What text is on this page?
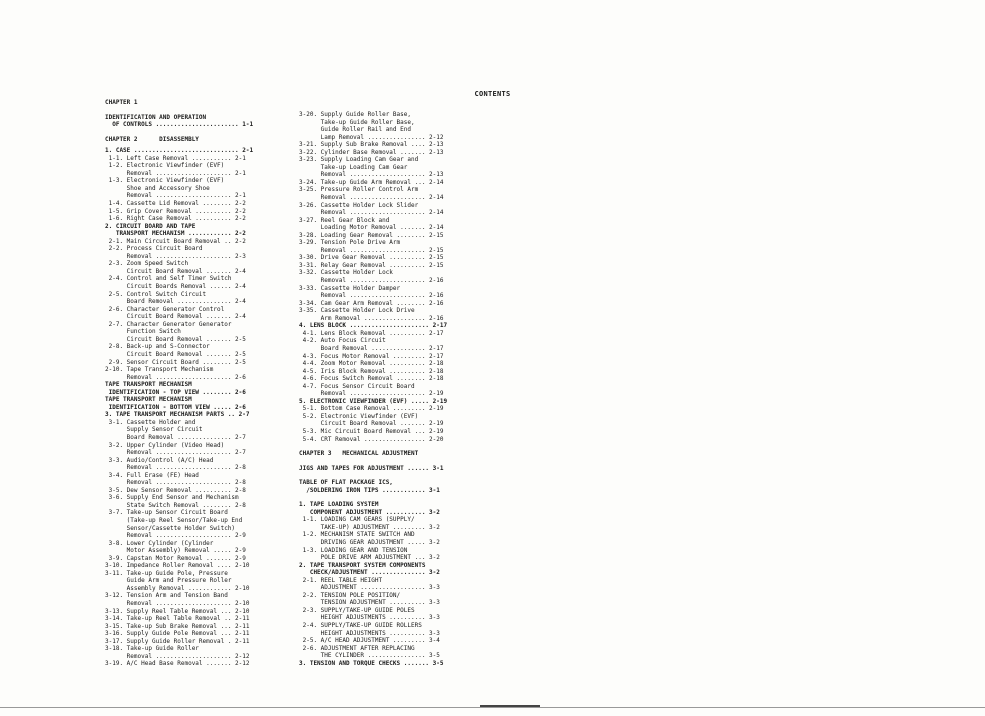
CONTENTS
CHAPTER 1
IDENTIFICATION AND OPERATION
OF CONTROLS ....................... 1-1
CHAPTER 2      DISASSEMBLY
1. CASE ............................. 2-1
1-1. Left Case Removal ........... 2-1
1-2. Electronic Viewfinder (EVF)
Removal ..................... 2-1
1-3. Electronic Viewfinder (EVF)
Shoe and Accessory Shoe
Removal ..................... 2-1
1-4. Cassette Lid Removal ........ 2-2
1-5. Grip Cover Removal .......... 2-2
1-6. Right Case Removal .......... 2-2
2. CIRCUIT BOARD AND TAPE
TRANSPORT MECHANISM ............ 2-2
2-1. Main Circuit Board Removal .. 2-2
2-2. Process Circuit Board
Removal ..................... 2-3
2-3. Zoom Speed Switch
Circuit Board Removal ....... 2-4
2-4. Control and Self Timer Switch
Circuit Boards Removal ...... 2-4
2-5. Control Switch Circuit
Board Removal ............... 2-4
2-6. Character Generator Control
Circuit Board Removal ....... 2-4
2-7. Character Generator Generator
Function Switch
Circuit Board Removal ....... 2-5
2-8. Back-up and S-Connector
Circuit Board Removal ....... 2-5
2-9. Sensor Circuit Board ........ 2-5
2-10. Tape Transport Mechanism
Removal ..................... 2-6
TAPE TRANSPORT MECHANISM
IDENTIFICATION - TOP VIEW ........ 2-6
TAPE TRANSPORT MECHANISM
IDENTIFICATION - BOTTOM VIEW ..... 2-6
3. TAPE TRANSPORT MECHANISM PARTS .. 2-7
3-1. Cassette Holder and
Supply Sensor Circuit
Board Removal ............... 2-7
3-2. Upper Cylinder (Video Head)
Removal ..................... 2-7
3-3. Audio/Control (A/C) Head
Removal ..................... 2-8
3-4. Full Erase (FE) Head
Removal ..................... 2-8
3-5. Dew Sensor Removal .......... 2-8
3-6. Supply End Sensor and Mechanism
State Switch Removal ........ 2-8
3-7. Take-up Sensor Circuit Board
(Take-up Reel Sensor/Take-up End
Sensor/Cassette Holder Switch)
Removal ..................... 2-9
3-8. Lower Cylinder (Cylinder
Motor Assembly) Removal ..... 2-9
3-9. Capstan Motor Removal ....... 2-9
3-10. Impedance Roller Removal .... 2-10
3-11. Take-up Guide Pole, Pressure
Guide Arm and Pressure Roller
Assembly Removal ............ 2-10
3-12. Tension Arm and Tension Band
Removal ..................... 2-10
3-13. Supply Reel Table Removal ... 2-10
3-14. Take-up Reel Table Removal .. 2-11
3-15. Take-up Sub Brake Removal ... 2-11
3-16. Supply Guide Pole Removal ... 2-11
3-17. Supply Guide Roller Removal . 2-11
3-18. Take-up Guide Roller
Removal ..................... 2-12
3-19. A/C Head Base Removal ....... 2-12
3-20. Supply Guide Roller Base,
Take-up Guide Roller Base,
Guide Roller Rail and End
Lamp Removal ................ 2-12
3-21. Supply Sub Brake Removal .... 2-13
3-22. Cylinder Base Removal ....... 2-13
3-23. Supply Loading Cam Gear and
Take-up Loading Cam Gear
Removal ..................... 2-13
3-24. Take-up Guide Arm Removal ... 2-14
3-25. Pressure Roller Control Arm
Removal ..................... 2-14
3-26. Cassette Holder Lock Slider
Removal ..................... 2-14
3-27. Reel Gear Block and
Loading Motor Removal ....... 2-14
3-28. Loading Gear Removal ........ 2-15
3-29. Tension Pole Drive Arm
Removal ..................... 2-15
3-30. Drive Gear Removal .......... 2-15
3-31. Relay Gear Removal .......... 2-15
3-32. Cassette Holder Lock
Removal ..................... 2-16
3-33. Cassette Holder Damper
Removal ..................... 2-16
3-34. Cam Gear Arm Removal ........ 2-16
3-35. Cassette Holder Lock Drive
Arm Removal ................. 2-16
4. LENS BLOCK ...................... 2-17
4-1. Lens Block Removal .......... 2-17
4-2. Auto Focus Circuit
Board Removal ............... 2-17
4-3. Focus Motor Removal ......... 2-17
4-4. Zoom Motor Removal .......... 2-18
4-5. Iris Block Removal .......... 2-18
4-6. Focus Switch Removal ........ 2-18
4-7. Focus Sensor Circuit Board
Removal ..................... 2-19
5. ELECTRONIC VIEWFINDER (EVF) ..... 2-19
5-1. Bottom Case Removal ......... 2-19
5-2. Electronic Viewfinder (EVF)
Circuit Board Removal ....... 2-19
5-3. Mic Circuit Board Removal ... 2-19
5-4. CRT Removal ................. 2-20
CHAPTER 3   MECHANICAL ADJUSTMENT
JIGS AND TAPES FOR ADJUSTMENT ...... 3-1
TABLE OF FLAT PACKAGE ICS,
/SOLDERING IRON TIPS ............ 3-1
1. TAPE LOADING SYSTEM
COMPONENT ADJUSTMENT ........... 3-2
1-1. LOADING CAM GEARS (SUPPLY/
TAKE-UP) ADJUSTMENT ......... 3-2
1-2. MECHANISM STATE SWITCH AND
DRIVING GEAR ADJUSTMENT ..... 3-2
1-3. LOADING GEAR AND TENSION
POLE DRIVE ARM ADJUSTMENT ... 3-2
2. TAPE TRANSPORT SYSTEM COMPONENTS
CHECK/ADJUSTMENT ............... 3-2
2-1. REEL TABLE HEIGHT
ADJUSTMENT .................. 3-3
2-2. TENSION POLE POSITION/
TENSION ADJUSTMENT .......... 3-3
2-3. SUPPLY/TAKE-UP GUIDE POLES
HEIGHT ADJUSTMENTS .......... 3-3
2-4. SUPPLY/TAKE-UP GUIDE ROLLERS
HEIGHT ADJUSTMENTS .......... 3-3
2-5. A/C HEAD ADJUSTMENT ......... 3-4
2-6. ADJUSTMENT AFTER REPLACING
THE CYLINDER ................ 3-5
3. TENSION AND TORQUE CHECKS ....... 3-5
